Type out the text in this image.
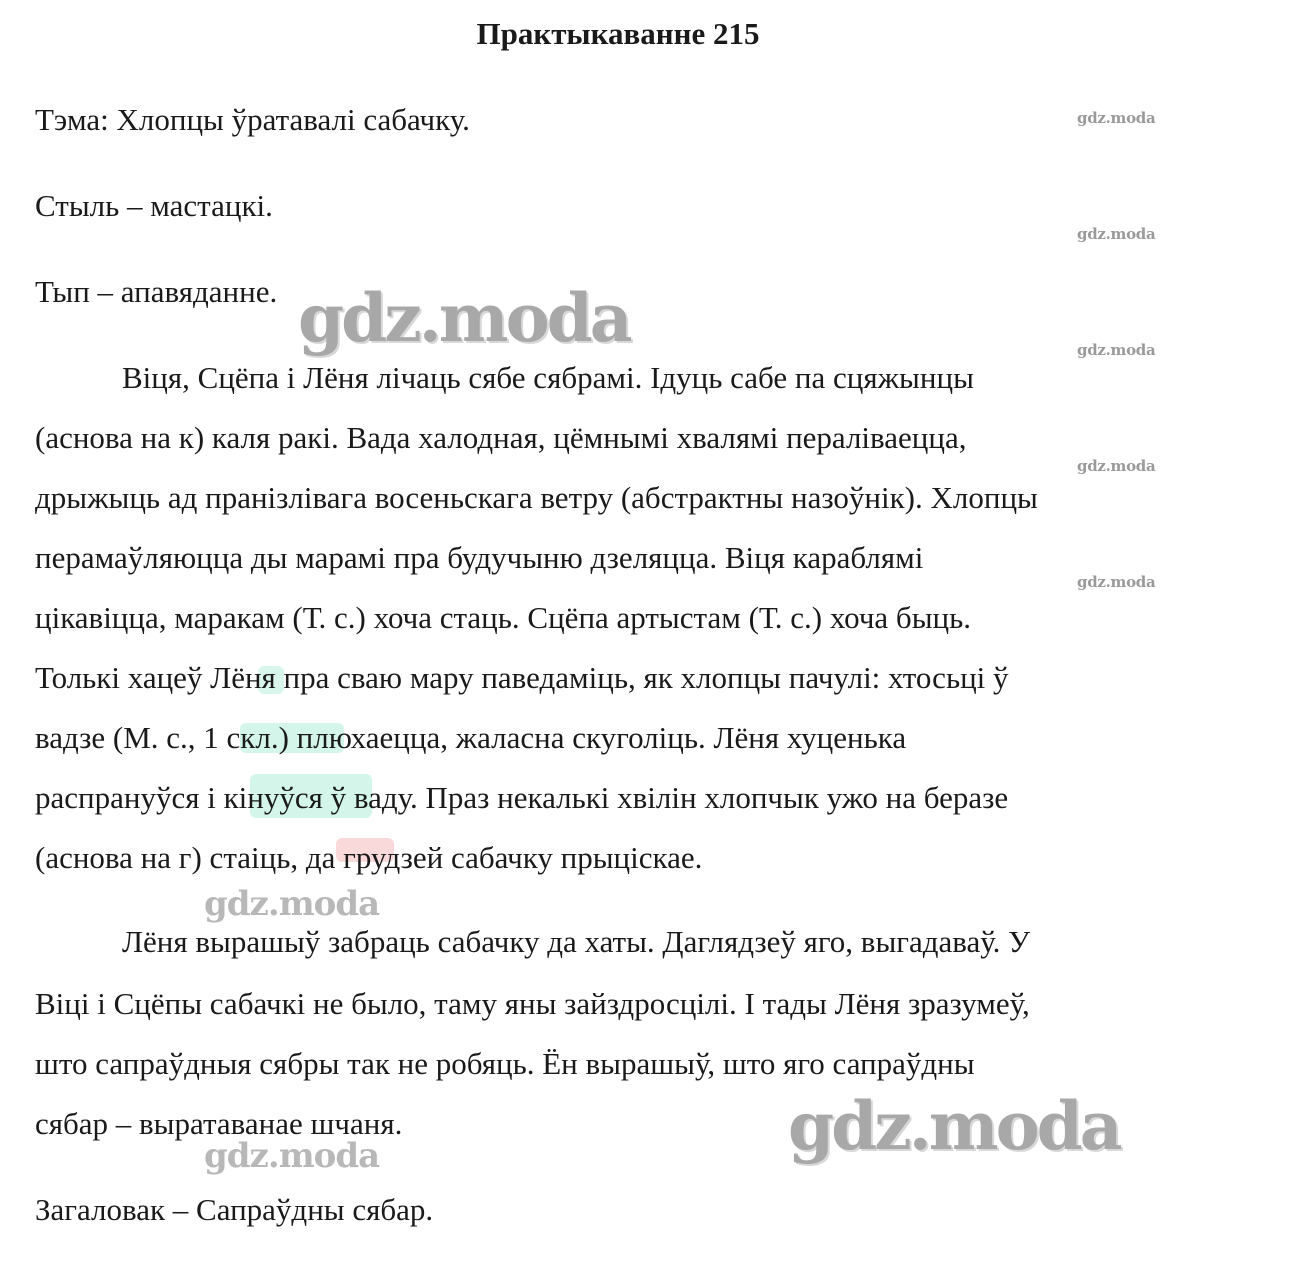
Практыкаванне 215
Тэма: Хлопцы ўратавалі сабачку.
Стыль – мастацкі.
Тып – апавяданне.
Віця, Сцёпа і Лёня лічаць сябе сябрамі. Ідуць сабе па сцяжынцы
(аснова на к) каля ракі. Вада халодная, цёмнымі хвалямі пераліваецца,
дрыжыць ад пранізлівага восеньскага ветру (абстрактны назоўнік). Хлопцы
перамаўляюцца ды марамі пра будучыню дзеляцца. Віця караблямі
цікавіцца, маракам (Т. с.) хоча стаць. Сцёпа артыстам (Т. с.) хоча быць.
Толькі хацеў Лёня пра сваю мару паведаміць, як хлопцы пачулі: хтосьці ў
вадзе (М. с., 1 скл.) плюхаецца, жаласна скуголіць. Лёня хуценька
распрануўся і кінуўся ў ваду. Праз некалькі хвілін хлопчык ужо на беразе
(аснова на г) стаіць, да грудзей сабачку прыціскае.
Лёня вырашыў забраць сабачку да хаты. Даглядзеў яго, выгадаваў. У
Віці і Сцёпы сабачкі не было, таму яны зайздросцілі. І тады Лёня зразумеў,
што сапраўдныя сябры так не робяць. Ён вырашыў, што яго сапраўдны
сябар – выратаванае шчаня.
Загаловак – Сапраўдны сябар.
gdz.moda
gdz.moda
gdz.moda
gdz.moda
gdz.moda
gdz.moda
gdz.moda
gdz.moda
gdz.moda
